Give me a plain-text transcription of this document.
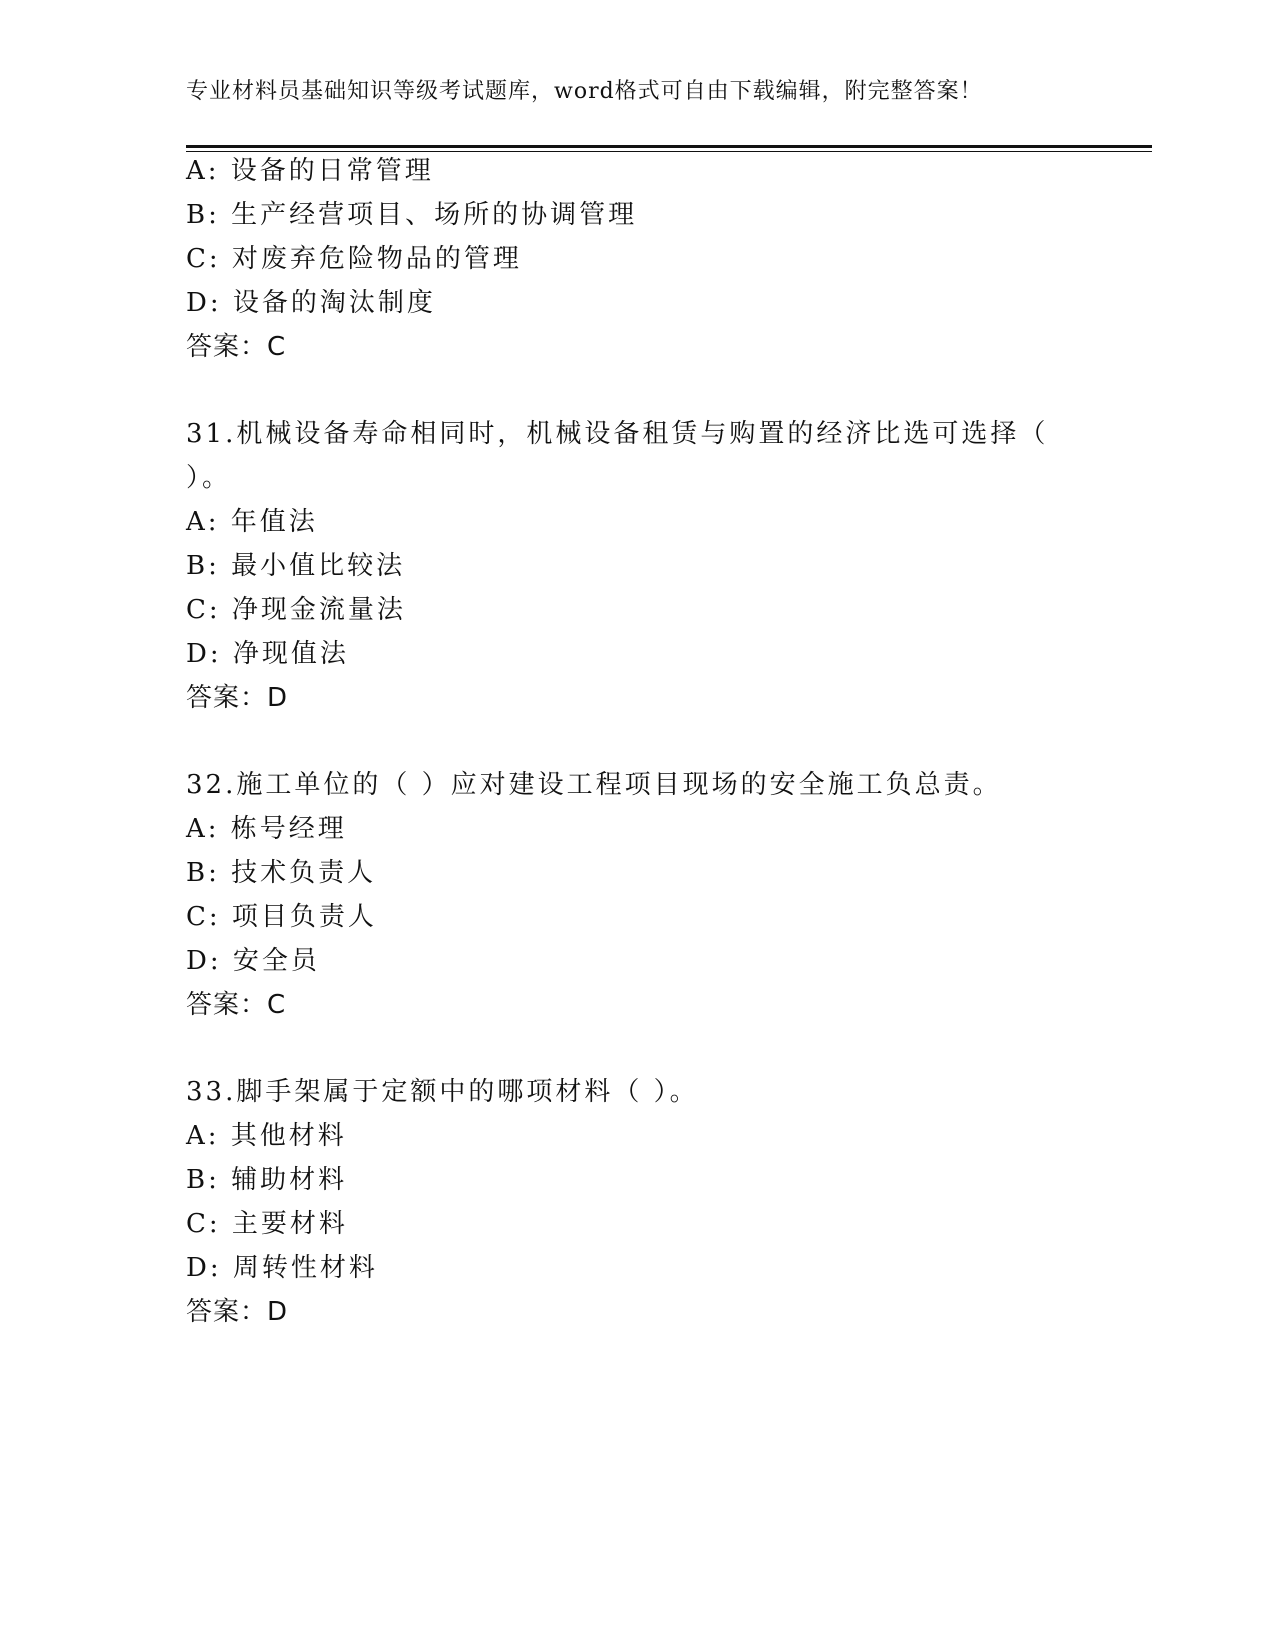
专业材料员基础知识等级考试题库，word格式可自由下载编辑，附完整答案！
A: 设备的日常管理
B: 生产经营项目、场所的协调管理
C: 对废弃危险物品的管理
D: 设备的淘汰制度
答案：C
31.机械设备寿命相同时，机械设备租赁与购置的经济比选可选择（
）。
A: 年值法
B: 最小值比较法
C: 净现金流量法
D: 净现值法
答案：D
32.施工单位的（ ）应对建设工程项目现场的安全施工负总责。
A: 栋号经理
B: 技术负责人
C: 项目负责人
D: 安全员
答案：C
33.脚手架属于定额中的哪项材料（ ）。
A: 其他材料
B: 辅助材料
C: 主要材料
D: 周转性材料
答案：D
